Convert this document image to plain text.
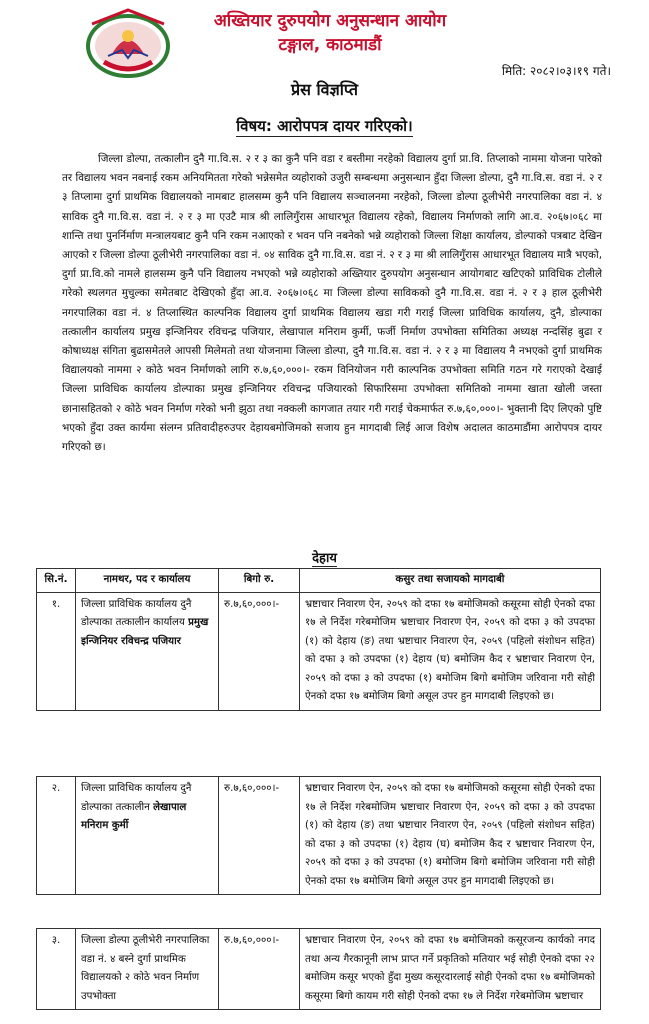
अख्तियार दुरुपयोग अनुसन्धान आयोग
टङ्गाल, काठमाडौं
मिति: २०८२।०३।१९ गते।
प्रेस विज्ञप्ति
विषय: आरोपपत्र दायर गरिएको।

जिल्ला डोल्पा, तत्कालीन दुनै गा.वि.स. २ र ३ का कुनै पनि वडा र बस्तीमा नरहेको विद्यालय दुर्गा प्रा.वि. तिप्लाको नाममा योजना पारेको तर विद्यालय भवन नबनाई रकम अनियमितता गरेको भन्नेसमेत व्यहोराको उजुरी सम्बन्धमा अनुसन्धान हुँदा जिल्ला डोल्पा, दुनै गा.वि.स. वडा नं. २ र ३ तिप्लामा दुर्गा प्राथमिक विद्यालयको नामबाट हालसम्म कुनै पनि विद्यालय सञ्चालनमा नरहेको, जिल्ला डोल्पा ठूलीभेरी नगरपालिका वडा नं. ४ साविक दुनै गा.वि.स. वडा नं. २ र ३ मा एउटै मात्र श्री लालिगुँरास आधारभूत विद्यालय रहेको, विद्यालय निर्माणको लागि आ.व. २०६७।०६८ मा शान्ति तथा पुनर्निर्माण मन्त्रालयबाट कुनै पनि रकम नआएको र भवन पनि नबनेको भन्ने व्यहोराको जिल्ला शिक्षा कार्यालय, डोल्पाको पत्रबाट देखिन आएको र जिल्ला डोल्पा ठूलीभेरी नगरपालिका वडा नं. ०४ साविक दुनै गा.वि.स. वडा नं. २ र ३ मा श्री लालिगुँरास आधारभूत विद्यालय मात्रै भएको, दुर्गा प्रा.वि.को नामले हालसम्म कुनै पनि विद्यालय नभएको भन्ने व्यहोराको अख्तियार दुरुपयोग अनुसन्धान आयोगबाट खटिएको प्राविधिक टोलीले गरेको स्थलगत मुचुल्का समेतबाट देखिएको हुँदा आ.व. २०६७।०६८ मा जिल्ला डोल्पा साविकको दुनै गा.वि.स. वडा नं. २ र ३ हाल ठूलीभेरी नगरपालिका वडा नं. ४ तिप्लास्थित काल्पनिक विद्यालय दुर्गा प्राथमिक विद्यालय खडा गरी गराई जिल्ला प्राविधिक कार्यालय, दुनै, डोल्पाका तत्कालीन कार्यालय प्रमुख इन्जिनियर रविचन्द्र पजियार, लेखापाल मनिराम कुर्मी, फर्जी निर्माण उपभोक्ता समितिका अध्यक्ष नन्दसिंह बुढा र कोषाध्यक्ष संगिता बुढासमेतले आपसी मिलेमतो तथा योजनामा जिल्ला डोल्पा, दुनै गा.वि.स. वडा नं. २ र ३ मा विद्यालय नै नभएको दुर्गा प्राथमिक विद्यालयको नाममा २ कोठे भवन निर्माणको लागि रु.७,६०,०००।- रकम विनियोजन गरी काल्पनिक उपभोक्ता समिति गठन गरे गराएको देखाई जिल्ला प्राविधिक कार्यालय डोल्पाका प्रमुख इन्जिनियर रविचन्द्र पजियारको सिफारिसमा उपभोक्ता समितिको नाममा खाता खोली जस्ता छानासहितको २ कोठे भवन निर्माण गरेको भनी झुठा तथा नक्कली कागजात तयार गरी गराई चेकमार्फत रु.७,६०,०००।- भुक्तानी दिए लिएको पुष्टि भएको हुँदा उक्त कार्यमा संलग्न प्रतिवादीहरुउपर देहायबमोजिमको सजाय हुन मागदाबी लिई आज विशेष अदालत काठमाडौंमा आरोपपत्र दायर गरिएको छ।

देहाय
सि.नं.	नामथर, पद र कार्यालय	बिगो रु.	कसुर तथा सजायको मागदाबी
१.	जिल्ला प्राविधिक कार्यालय दुनै डोल्पाका तत्कालीन कार्यालय प्रमुख इन्जिनियर रविचन्द्र पजियार	रु.७,६०,०००।-	भ्रष्टाचार निवारण ऐन, २०५९ को दफा १७ बमोजिमको कसूरमा सोही ऐनको दफा १७ ले निर्देश गरेबमोजिम भ्रष्टाचार निवारण ऐन, २०५९ को दफा ३ को उपदफा (१) को देहाय (ङ) तथा भ्रष्टाचार निवारण ऐन, २०५९ (पहिलो संशोधन सहित) को दफा ३ को उपदफा (१) देहाय (घ) बमोजिम कैद र भ्रष्टाचार निवारण ऐन, २०५९ को दफा ३ को उपदफा (१) बमोजिम बिगो बमोजिम जरिवाना गरी सोही ऐनको दफा १७ बमोजिम बिगो असूल उपर हुन मागदाबी लिइएको छ।
२.	जिल्ला प्राविधिक कार्यालय दुनै डोल्पाका तत्कालीन लेखापाल मनिराम कुर्मी	रु.७,६०,०००।-	भ्रष्टाचार निवारण ऐन, २०५९ को दफा १७ बमोजिमको कसूरमा सोही ऐनको दफा १७ ले निर्देश गरेबमोजिम भ्रष्टाचार निवारण ऐन, २०५९ को दफा ३ को उपदफा (१) को देहाय (ङ) तथा भ्रष्टाचार निवारण ऐन, २०५९ (पहिलो संशोधन सहित) को दफा ३ को उपदफा (१) देहाय (घ) बमोजिम कैद र भ्रष्टाचार निवारण ऐन, २०५९ को दफा ३ को उपदफा (१) बमोजिम बिगो बमोजिम जरिवाना गरी सोही ऐनको दफा १७ बमोजिम बिगो असूल उपर हुन मागदाबी लिइएको छ।
३.	जिल्ला डोल्पा ठूलीभेरी नगरपालिका वडा नं. ४ बस्ने दुर्गा प्राथमिक विद्यालयको २ कोठे भवन निर्माण उपभोक्ता	रु.७,६०,०००।-	भ्रष्टाचार निवारण ऐन, २०५९ को दफा १७ बमोजिमको कसूरजन्य कार्यको नगद तथा अन्य गैरकानूनी लाभ प्राप्त गर्ने प्रकृतिको मतियार भई सोही ऐनको दफा २२ बमोजिम कसूर भएको हुँदा मुख्य कसूरदारलाई सोही ऐनको दफा १७ बमोजिमको कसूरमा बिगो कायम गरी सोही ऐनको दफा १७ ले निर्देश गरेबमोजिम भ्रष्टाचार
